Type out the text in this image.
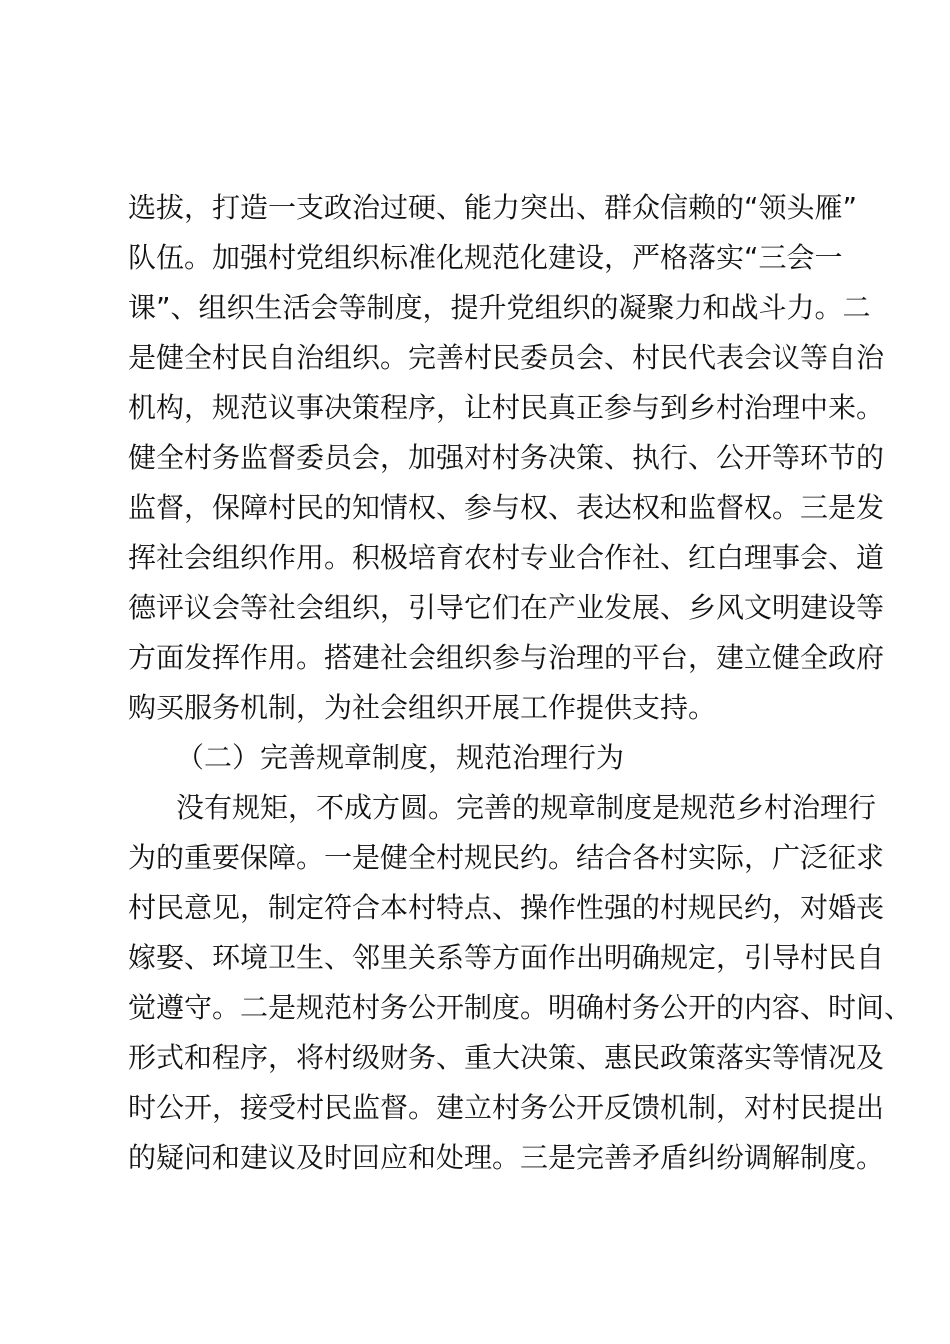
选拔，打造一支政治过硬、能力突出、群众信赖的“领头雁”
队伍。加强村党组织标准化规范化建设，严格落实“三会一
课”、组织生活会等制度，提升党组织的凝聚力和战斗力。二
是健全村民自治组织。完善村民委员会、村民代表会议等自治
机构，规范议事决策程序，让村民真正参与到乡村治理中来。
健全村务监督委员会，加强对村务决策、执行、公开等环节的
监督，保障村民的知情权、参与权、表达权和监督权。三是发
挥社会组织作用。积极培育农村专业合作社、红白理事会、道
德评议会等社会组织，引导它们在产业发展、乡风文明建设等
方面发挥作用。搭建社会组织参与治理的平台，建立健全政府
购买服务机制，为社会组织开展工作提供支持。
（二）完善规章制度，规范治理行为
没有规矩，不成方圆。完善的规章制度是规范乡村治理行
为的重要保障。一是健全村规民约。结合各村实际，广泛征求
村民意见，制定符合本村特点、操作性强的村规民约，对婚丧
嫁娶、环境卫生、邻里关系等方面作出明确规定，引导村民自
觉遵守。二是规范村务公开制度。明确村务公开的内容、时间、
形式和程序，将村级财务、重大决策、惠民政策落实等情况及
时公开，接受村民监督。建立村务公开反馈机制，对村民提出
的疑问和建议及时回应和处理。三是完善矛盾纠纷调解制度。
